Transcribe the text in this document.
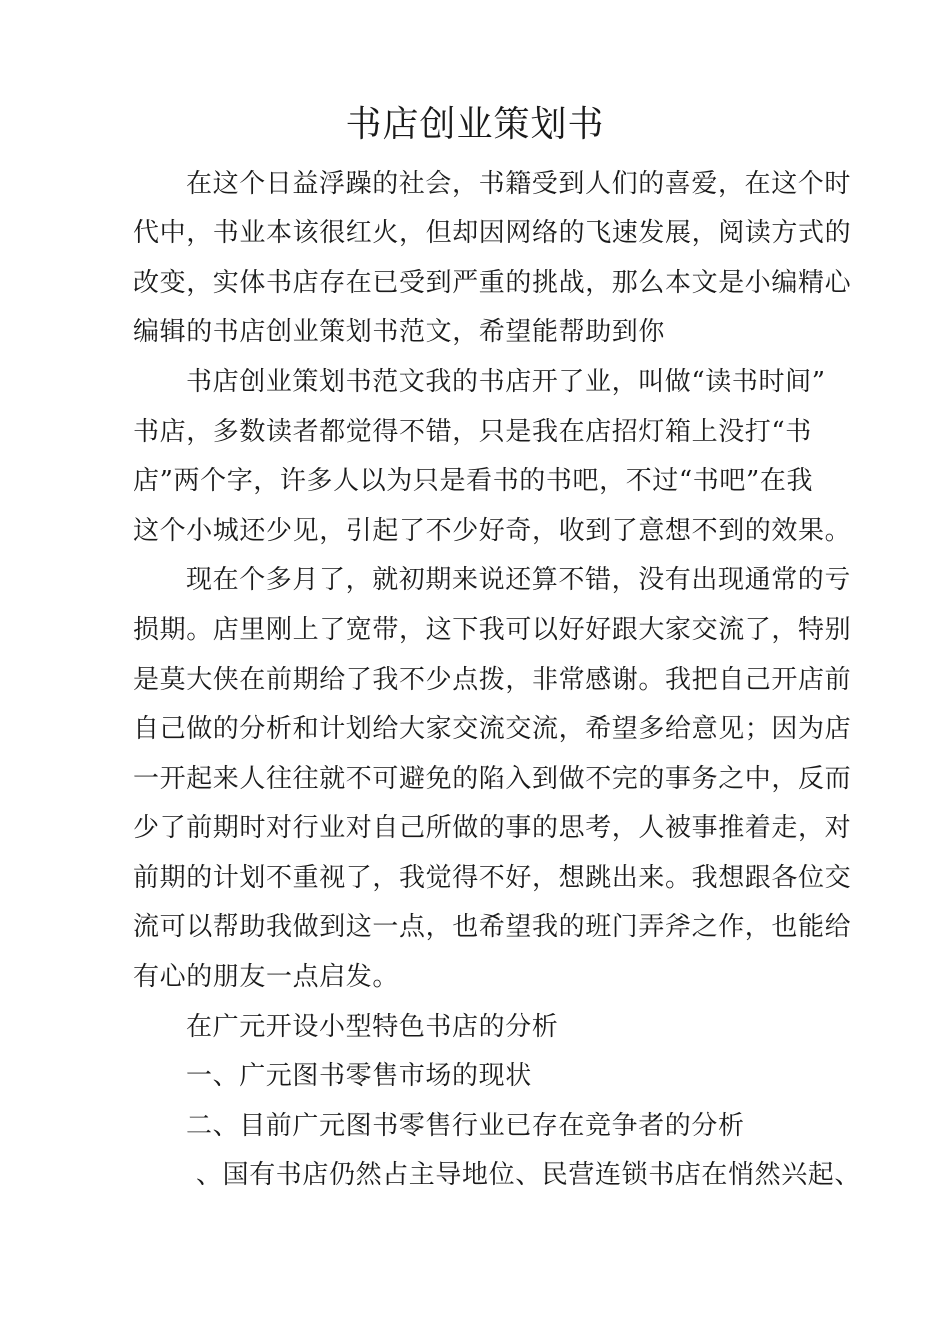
书店创业策划书
在这个日益浮躁的社会，书籍受到人们的喜爱，在这个时
代中，书业本该很红火，但却因网络的飞速发展，阅读方式的
改变，实体书店存在已受到严重的挑战，那么本文是小编精心
编辑的书店创业策划书范文，希望能帮助到你
书店创业策划书范文我的书店开了业，叫做“读书时间”
书店，多数读者都觉得不错，只是我在店招灯箱上没打“书
店”两个字，许多人以为只是看书的书吧，不过“书吧”在我
这个小城还少见，引起了不少好奇，收到了意想不到的效果。
现在个多月了，就初期来说还算不错，没有出现通常的亏
损期。店里刚上了宽带，这下我可以好好跟大家交流了，特别
是莫大侠在前期给了我不少点拨，非常感谢。我把自己开店前
自己做的分析和计划给大家交流交流，希望多给意见；因为店
一开起来人往往就不可避免的陷入到做不完的事务之中，反而
少了前期时对行业对自己所做的事的思考，人被事推着走，对
前期的计划不重视了，我觉得不好，想跳出来。我想跟各位交
流可以帮助我做到这一点，也希望我的班门弄斧之作，也能给
有心的朋友一点启发。
在广元开设小型特色书店的分析
一、广元图书零售市场的现状
二、目前广元图书零售行业已存在竞争者的分析
、国有书店仍然占主导地位、民营连锁书店在悄然兴起、
